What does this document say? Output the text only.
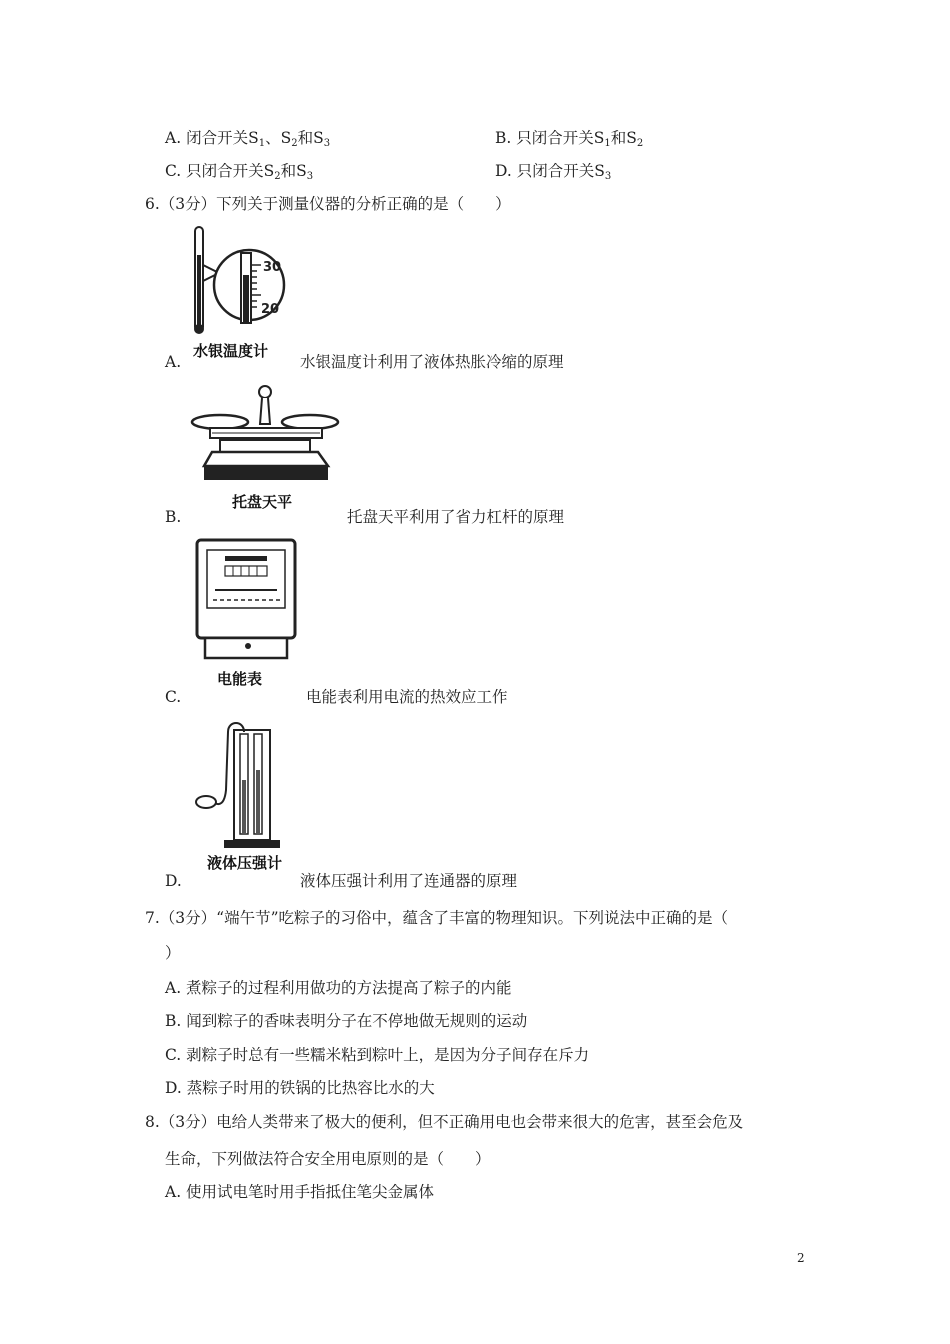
A. 闭合开关$S_1$、$S_2$和$S_3$	B. 只闭合开关$S_1$和$S_2$
C. 只闭合开关$S_2$和$S_3$	D. 只闭合开关$S_3$
6.（3分）下列关于测量仪器的分析正确的是（　　）
30
20
水银温度计
A.	水银温度计利用了液体热胀冷缩的原理
托盘天平
B.	托盘天平利用了省力杠杆的原理
电能表
C.	电能表利用电流的热效应工作
液体压强计
D.	液体压强计利用了连通器的原理
7.（3分）“端午节”吃粽子的习俗中，蕴含了丰富的物理知识。下列说法中正确的是（
）
A. 煮粽子的过程利用做功的方法提高了粽子的内能
B. 闻到粽子的香味表明分子在不停地做无规则的运动
C. 剥粽子时总有一些糯米粘到粽叶上，是因为分子间存在斥力
D. 蒸粽子时用的铁锅的比热容比水的大
8.（3分）电给人类带来了极大的便利，但不正确用电也会带来很大的危害，甚至会危及
生命，下列做法符合安全用电原则的是（　　）
A. 使用试电笔时用手指抵住笔尖金属体
2
